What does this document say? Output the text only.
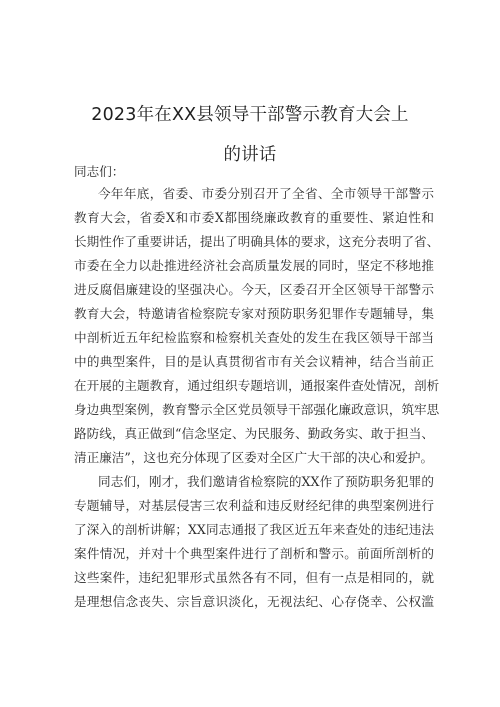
2023年在XX县领导干部警示教育大会上
的讲话
同志们：
今年年底，省委、市委分别召开了全省、全市领导干部警示
教育大会，省委X和市委X都围绕廉政教育的重要性、紧迫性和
长期性作了重要讲话，提出了明确具体的要求，这充分表明了省、
市委在全力以赴推进经济社会高质量发展的同时，坚定不移地推
进反腐倡廉建设的坚强决心。今天，区委召开全区领导干部警示
教育大会，特邀请省检察院专家对预防职务犯罪作专题辅导，集
中剖析近五年纪检监察和检察机关查处的发生在我区领导干部当
中的典型案件，目的是认真贯彻省市有关会议精神，结合当前正
在开展的主题教育，通过组织专题培训，通报案件查处情况，剖析
身边典型案例，教育警示全区党员领导干部强化廉政意识，筑牢思
路防线，真正做到“信念坚定、为民服务、勤政务实、敢于担当、
清正廉洁”，这也充分体现了区委对全区广大干部的决心和爱护。
同志们，刚才，我们邀请省检察院的XX作了预防职务犯罪的
专题辅导，对基层侵害三农利益和违反财经纪律的典型案例进行
了深入的剖析讲解；XX同志通报了我区近五年来查处的违纪违法
案件情况，并对十个典型案件进行了剖析和警示。前面所剖析的
这些案件，违纪犯罪形式虽然各有不同，但有一点是相同的，就
是理想信念丧失、宗旨意识淡化，无视法纪、心存侥幸、公权滥
